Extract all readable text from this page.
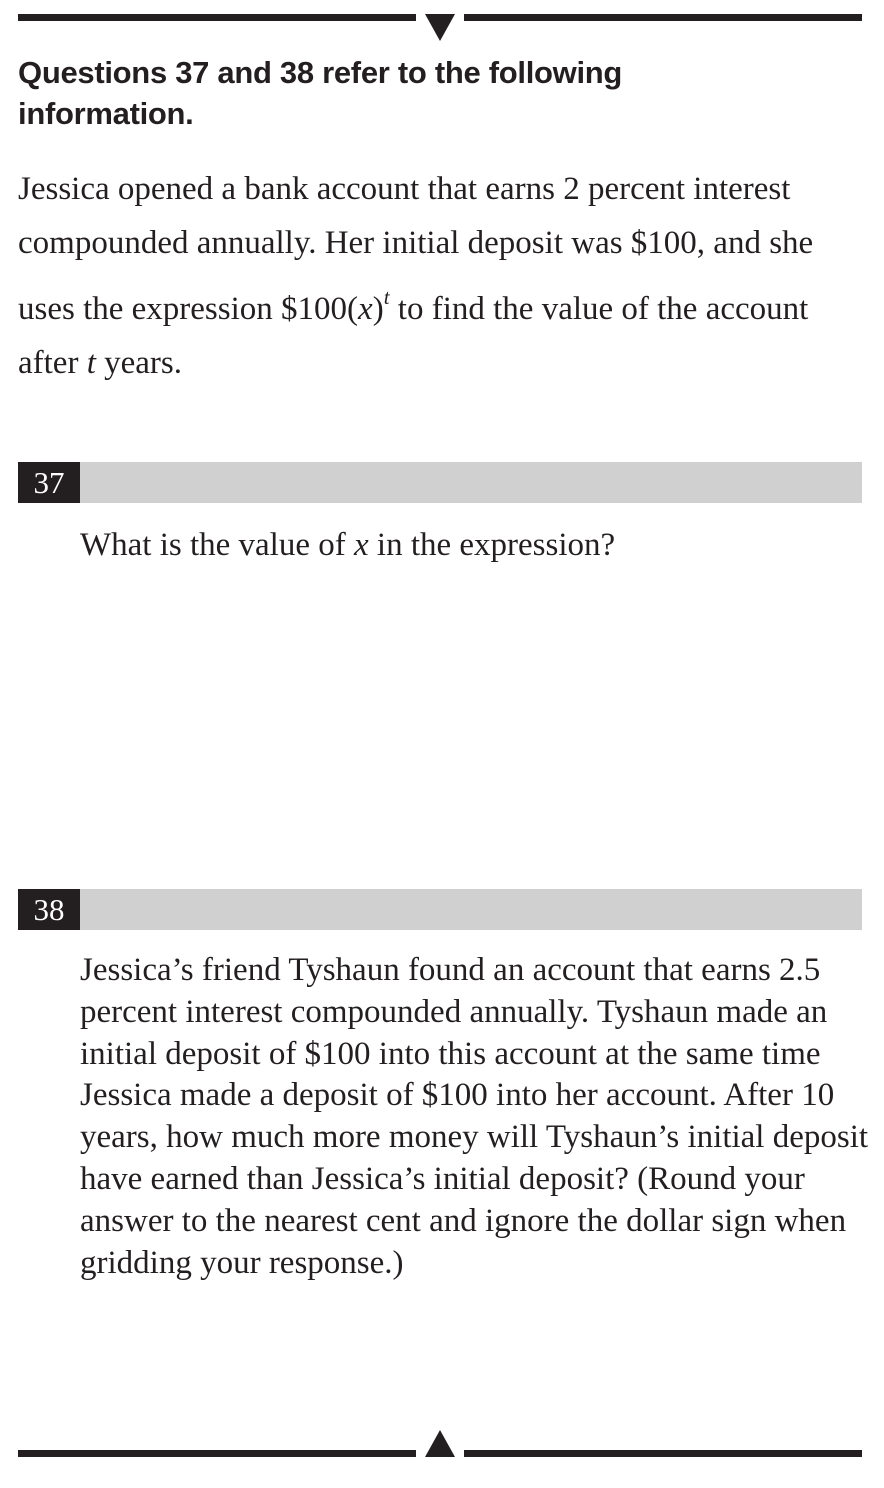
Questions 37 and 38 refer to the following information.
Jessica opened a bank account that earns 2 percent interest compounded annually. Her initial deposit was $100, and she uses the expression $\$100(x)^t$ to find the value of the account after t years.
37
What is the value of x in the expression?
38
Jessica’s friend Tyshaun found an account that earns 2.5 percent interest compounded annually. Tyshaun made an initial deposit of $100 into this account at the same time Jessica made a deposit of $100 into her account. After 10 years, how much more money will Tyshaun’s initial deposit have earned than Jessica’s initial deposit? (Round your answer to the nearest cent and ignore the dollar sign when gridding your response.)
